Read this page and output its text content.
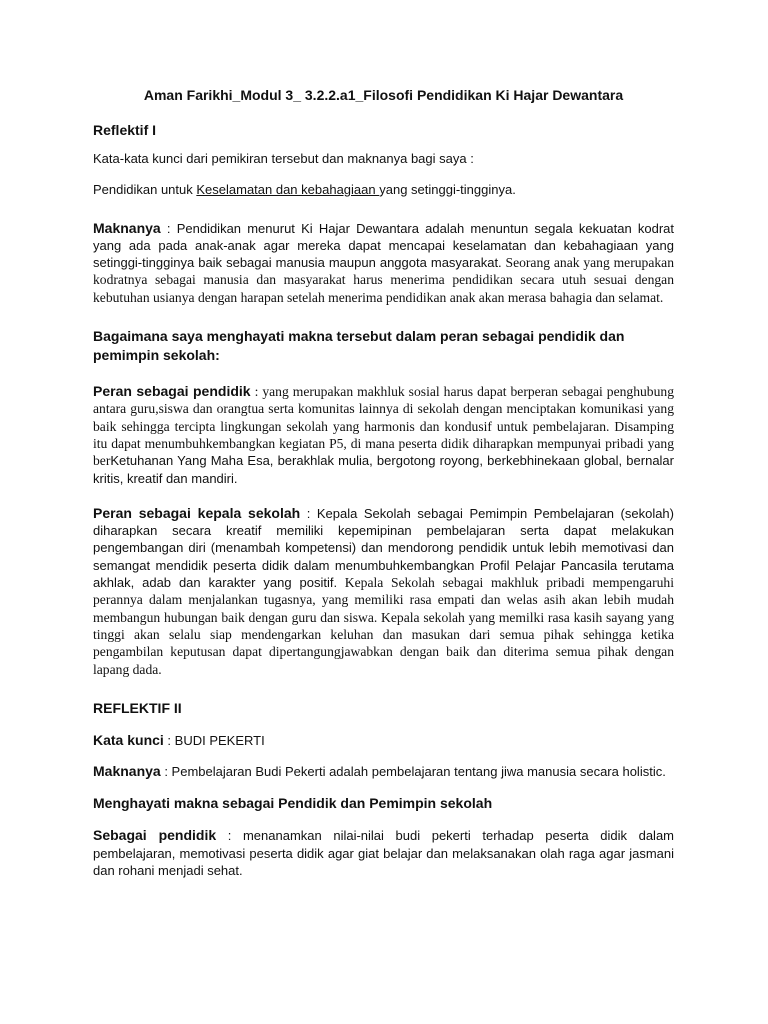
Aman Farikhi_Modul 3_ 3.2.2.a1_Filosofi Pendidikan Ki Hajar Dewantara
Reflektif I

Kata-kata kunci dari pemikiran tersebut dan maknanya bagi saya :

Pendidikan untuk Keselamatan dan kebahagiaan yang setinggi-tingginya.

Maknanya : Pendidikan menurut Ki Hajar Dewantara adalah menuntun segala kekuatan kodrat yang ada pada anak-anak agar mereka dapat mencapai keselamatan dan kebahagiaan yang setinggi-tingginya baik sebagai manusia maupun anggota masyarakat. Seorang anak yang merupakan kodratnya sebagai manusia dan masyarakat harus menerima pendidikan secara utuh sesuai dengan kebutuhan usianya dengan harapan setelah menerima pendidikan anak akan merasa bahagia dan selamat.

Bagaimana saya menghayati makna tersebut dalam peran sebagai pendidik dan pemimpin sekolah:

Peran sebagai pendidik : yang merupakan makhluk sosial harus dapat berperan sebagai penghubung antara guru,siswa dan orangtua serta komunitas lainnya di sekolah dengan menciptakan komunikasi yang baik sehingga tercipta lingkungan sekolah yang harmonis dan kondusif untuk pembelajaran. Disamping itu dapat menumbuhkembangkan kegiatan P5, di mana peserta didik diharapkan mempunyai pribadi yang berKetuhanan Yang Maha Esa, berakhlak mulia, bergotong royong, berkebhinekaan global, bernalar kritis, kreatif dan mandiri.

Peran sebagai kepala sekolah : Kepala Sekolah sebagai Pemimpin Pembelajaran (sekolah) diharapkan secara kreatif memiliki kepemipinan pembelajaran serta dapat melakukan pengembangan diri (menambah kompetensi) dan mendorong pendidik untuk lebih memotivasi dan semangat mendidik peserta didik dalam menumbuhkembangkan Profil Pelajar Pancasila terutama akhlak, adab dan karakter yang positif. Kepala Sekolah sebagai makhluk pribadi mempengaruhi perannya dalam menjalankan tugasnya, yang memiliki rasa empati dan welas asih akan lebih mudah membangun hubungan baik dengan guru dan siswa. Kepala sekolah yang memilki rasa kasih sayang yang tinggi akan selalu siap mendengarkan keluhan dan masukan dari semua pihak sehingga ketika pengambilan keputusan dapat dipertangungjawabkan dengan baik dan diterima semua pihak dengan lapang dada.

REFLEKTIF II

Kata kunci : BUDI PEKERTI

Maknanya : Pembelajaran Budi Pekerti adalah pembelajaran tentang jiwa manusia secara holistic.

Menghayati makna sebagai Pendidik dan Pemimpin sekolah

Sebagai pendidik : menanamkan nilai-nilai budi pekerti terhadap peserta didik dalam pembelajaran, memotivasi peserta didik agar giat belajar dan melaksanakan olah raga agar jasmani dan rohani menjadi sehat.
